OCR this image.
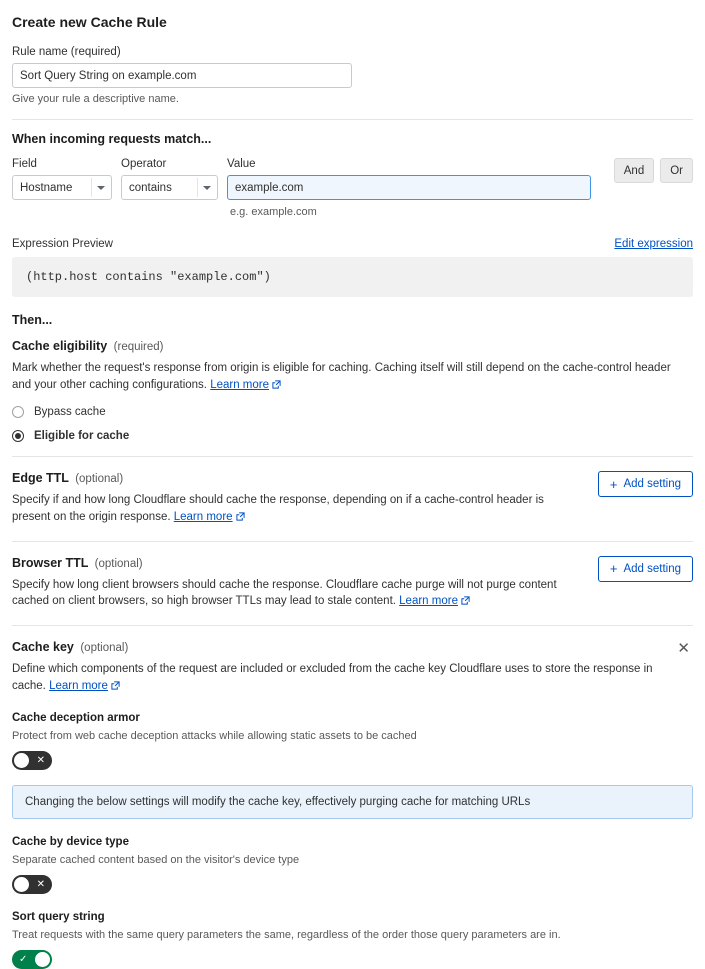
Create new Cache Rule
Rule name (required)
Sort Query String on example.com
Give your rule a descriptive name.
When incoming requests match...
Field
Hostname
Operator
contains
Value
example.com
And	Or
e.g. example.com
Expression Preview	Edit expression
(http.host contains "example.com")
Then...
Cache eligibility (required)
Mark whether the request's response from origin is eligible for caching. Caching itself will still depend on the cache-control header and your other caching configurations. Learn more
Bypass cache
Eligible for cache
Edge TTL (optional)
Specify if and how long Cloudflare should cache the response, depending on if a cache-control header is present on the origin response. Learn more
+ Add setting
Browser TTL (optional)
Specify how long client browsers should cache the response. Cloudflare cache purge will not purge content cached on client browsers, so high browser TTLs may lead to stale content. Learn more
+ Add setting
Cache key (optional)
Define which components of the request are included or excluded from the cache key Cloudflare uses to store the response in cache. Learn more
✕
Cache deception armor
Protect from web cache deception attacks while allowing static assets to be cached
✕
Changing the below settings will modify the cache key, effectively purging cache for matching URLs
Cache by device type
Separate cached content based on the visitor's device type
✕
Sort query string
Treat requests with the same query parameters the same, regardless of the order those query parameters are in.
✓
